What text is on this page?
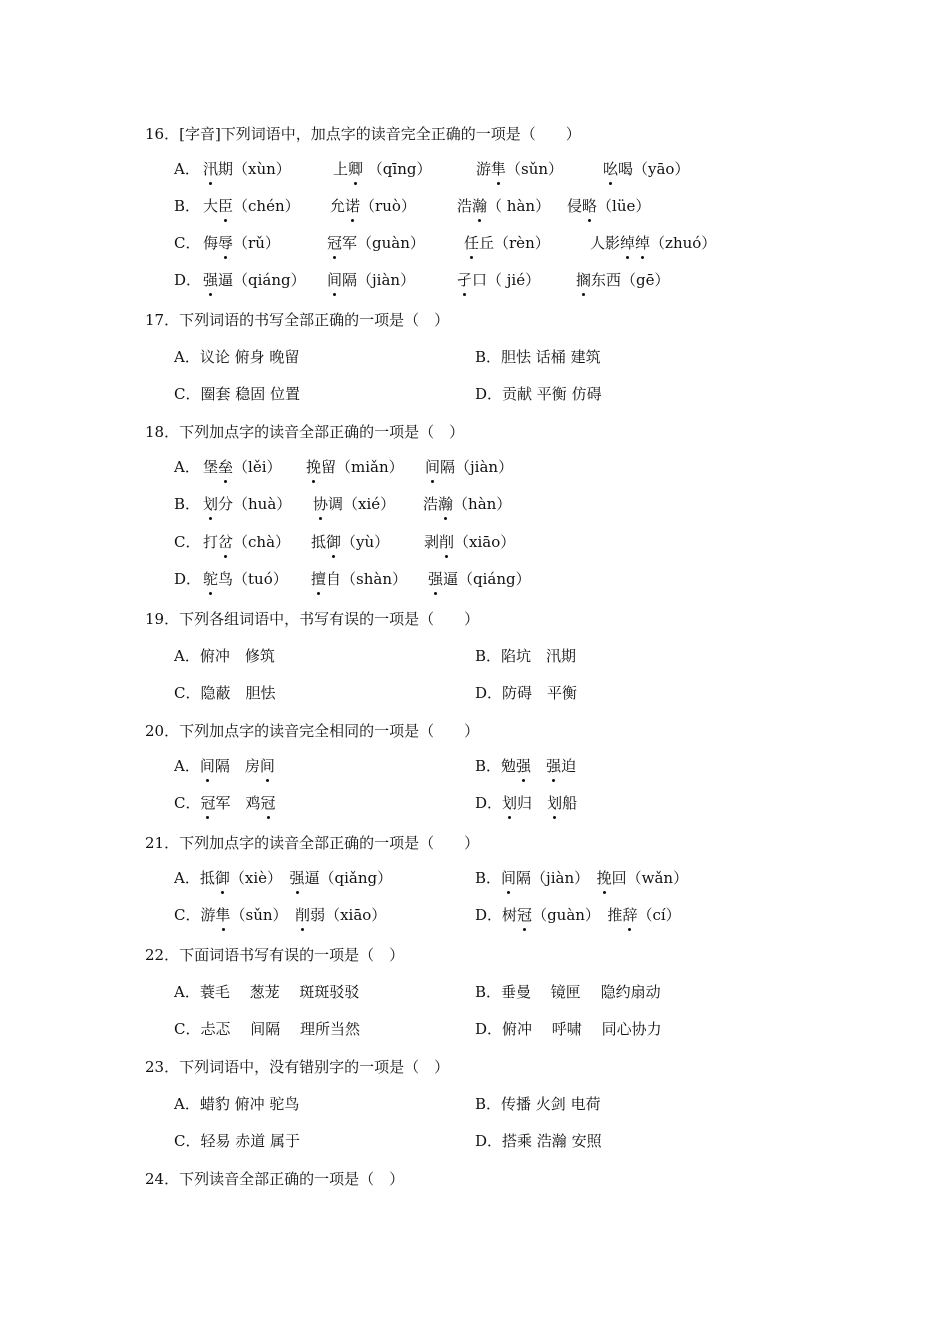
16．[字音]下列词语中，加点字的读音完全正确的一项是（　　）
A． 汛期（xùn）	上卿 （qīng）	游隼（sǔn）	吆喝（yāo）
B． 大臣（chén） 允诺（ruò）	浩瀚（ hàn） 侵略（lüe）
C． 侮辱（rǔ）	冠军（guàn）	任丘（rèn）	人影绰绰（zhuó）
D． 强逼（qiáng） 间隔（jiàn）	孑口（ jié） 搁东西（gē）
17．下列词语的书写全部正确的一项是（　）
A．议论 俯身 晚留	B．胆怯 话桶 建筑
C．圈套 稳固 位置	D．贡献 平衡 仿碍
18．下列加点字的读音全部正确的一项是（　）
A． 堡垒（lěi） 挽留（miǎn） 间隔（jiàn）
B． 划分（huà） 协调（xié） 浩瀚（hàn）
C． 打岔（chà） 抵御（yù） 剥削（xiāo）
D． 鸵鸟（tuó） 擅自（shàn） 强逼（qiáng）
19．下列各组词语中，书写有误的一项是（　　）
A．俯冲　修筑	B．陷坑　汛期
C．隐蔽　胆怯	D．防碍　平衡
20．下列加点字的读音完全相同的一项是（　　）
A．间隔　房间	B．勉强　 强迫
C．冠军　鸡冠	D．划归　划船
21．下列加点字的读音全部正确的一项是（　　）
A．抵御（xiè）　强逼（qiǎng）	B．间隔（jiàn）　挽回（wǎn）
C．游隼（sǔn）　削弱（xiāo）	D．树冠（guàn）　推辞（cí）
22．下面词语书写有误的一项是（　）
A．蓑毛　 葱茏　 斑斑驳驳	B．垂曼　 镜匣　 隐约扇动
C．忐忑　 间隔　 理所当然	D．俯冲　 呼啸　 同心协力
23．下列词语中，没有错别字的一项是（　）
A．蜡豹 俯冲 驼鸟	B．传播 火剑 电荷
C．轻易 赤道 属于	D．搭乘 浩瀚 安照
24．下列读音全部正确的一项是（　）
